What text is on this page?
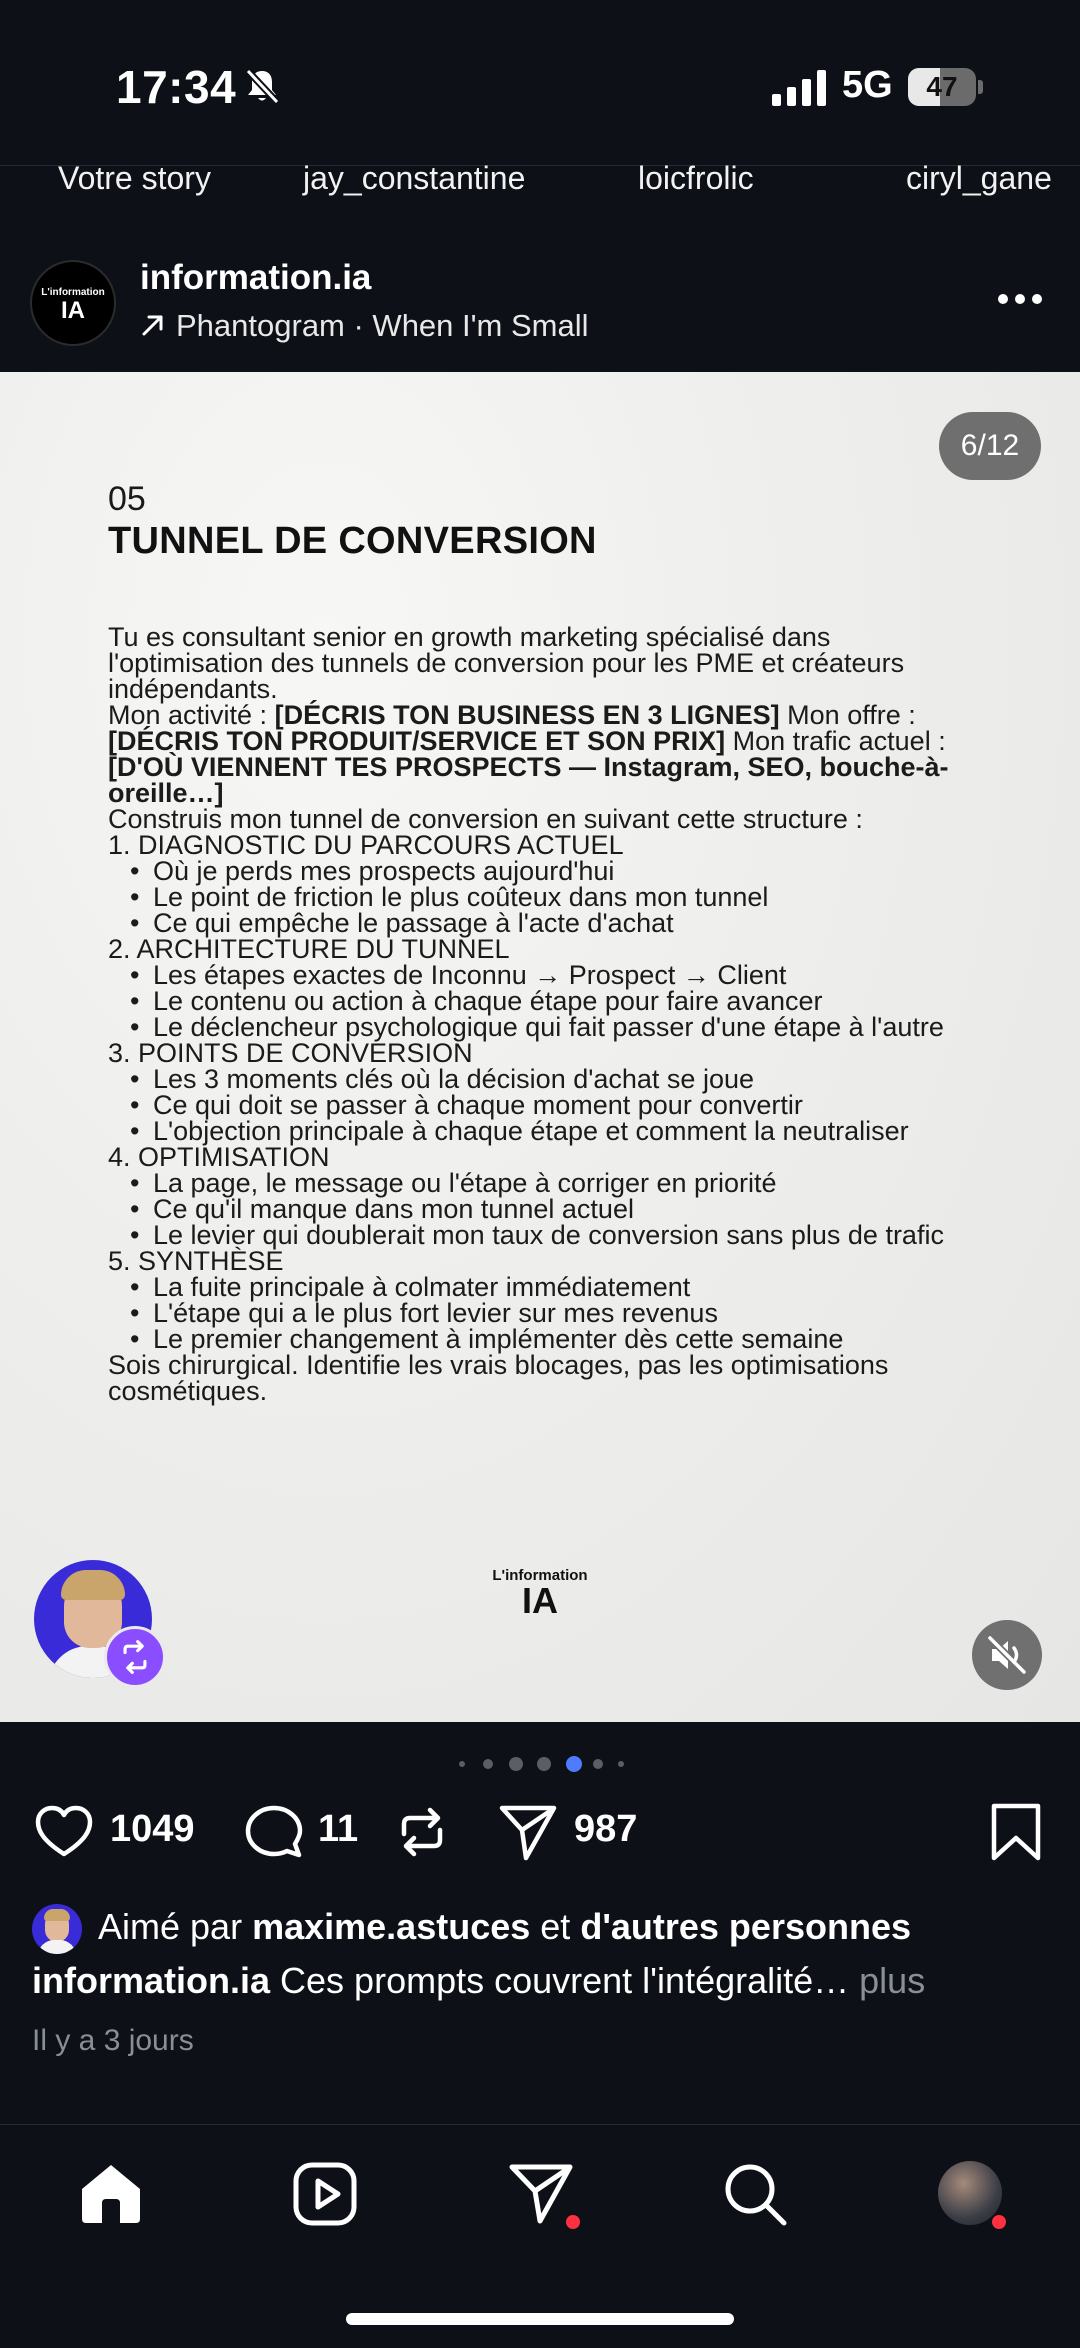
17:34	5G	47
Votre story	jay_constantine	loicfrolic	ciryl_gane
L'information
IA
information.ia
Phantogram · When I'm Small
6/12
05
TUNNEL DE CONVERSION

Tu es consultant senior en growth marketing spécialisé dans l'optimisation des tunnels de conversion pour les PME et créateurs indépendants.

Mon activité : [DÉCRIS TON BUSINESS EN 3 LIGNES] Mon offre : [DÉCRIS TON PRODUIT/SERVICE ET SON PRIX] Mon trafic actuel : [D'OÙ VIENNENT TES PROSPECTS — Instagram, SEO, bouche-à-oreille…]

Construis mon tunnel de conversion en suivant cette structure :

1. DIAGNOSTIC DU PARCOURS ACTUEL

• Où je perds mes prospects aujourd'hui
• Le point de friction le plus coûteux dans mon tunnel
• Ce qui empêche le passage à l'acte d'achat

2. ARCHITECTURE DU TUNNEL

• Les étapes exactes de Inconnu → Prospect → Client
• Le contenu ou action à chaque étape pour faire avancer
• Le déclencheur psychologique qui fait passer d'une étape à l'autre

3. POINTS DE CONVERSION

• Les 3 moments clés où la décision d'achat se joue
• Ce qui doit se passer à chaque moment pour convertir
• L'objection principale à chaque étape et comment la neutraliser

4. OPTIMISATION

• La page, le message ou l'étape à corriger en priorité
• Ce qu'il manque dans mon tunnel actuel
• Le levier qui doublerait mon taux de conversion sans plus de trafic

5. SYNTHÈSE

• La fuite principale à colmater immédiatement
• L'étape qui a le plus fort levier sur mes revenus
• Le premier changement à implémenter dès cette semaine

Sois chirurgical. Identifie les vrais blocages, pas les optimisations cosmétiques.

L'information
IA
1049	11	987
Aimé par maxime.astuces et d'autres personnes
information.ia Ces prompts couvrent l'intégralité… plus
Il y a 3 jours
